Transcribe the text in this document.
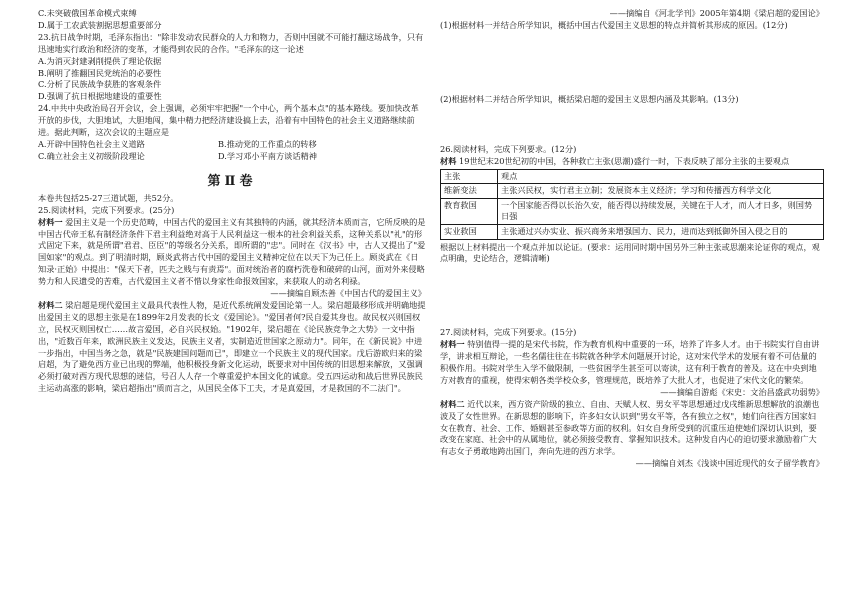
C.未突破俄国革命模式束缚

D.属于工农武装割据思想重要部分

23.抗日战争时期，毛泽东指出："除非发动农民群众的人力和物力，否则中国就不可能打翻这场战争，只有迅速地实行政治和经济的变革，才能得到农民的合作。"毛泽东的这一论述

A.为消灭封建剥削提供了理论依据

B.阐明了推翻国民党统治的必要性

C.分析了民族战争获胜的客观条件

D.强调了抗日根据地建设的重要性

24.中共中央政治局召开会议，会上强调，必须牢牢把握"一个中心，两个基本点"的基本路线。要加快改革开放的步伐，大胆地试，大胆地闯，集中精力把经济建设搞上去，沿着有中国特色的社会主义道路继续前进。据此判断，这次会议的主题应是

A.开辟中国特色社会主义道路	B.推动党的工作重点的转移
C.确立社会主义初级阶段理论	D.学习邓小平南方谈话精神
第Ⅱ卷

本卷共包括25-27三道试题，共52分。

25.阅读材料，完成下列要求。(25分)

材料一 爱国主义是一个历史范畴，中国古代的爱国主义有其独特的内涵，就其经济本质而言，它所反映的是中国古代帝王私有制经济条件下君主利益绝对高于人民利益这一根本的社会利益关系，这种关系以"礼"的形式固定下来，就是所谓"君君、臣臣"的等级名分关系，即所谓的"忠"。同时在《汉书》中，古人又提出了"爱国如家"的观点。到了明清时期，顾炎武将古代中国的爱国主义精神定位在以天下为己任上。顾炎武在《日知录·正始》中提出："保天下者，匹夫之贱与有责焉"。面对统治者的腐朽洗卷和破碎的山河，面对外来侵略势力和人民遗受的苦难，古代爱国主义者不惜以身家性命报效国家，来获取人的动名利禄。

——摘编自顾杰善《中国古代的爱国主义》

材料二 梁启超是现代爱国主义最具代表性人物，是近代系统阐发爱国论第一人。梁启超最移形成并明确地提出爱国主义的思想主张是在1899年2月发表的长文《爱国论》。"爱国者何?民自爱其身也。故民权兴则国权立，民权灭则国权亡……故言爱国，必自兴民权始。"1902年，梁启超在《论民族竞争之大势》一文中指出，"近数百年来，欧洲民族主义发达，民族主义者，实制造近世国家之原动力"。同年，在《新民说》中进一步指出，中国当务之急，就是"民族建国问题而已"，即建立一个民族主义的现代国家。戊后游欧归来的梁启超，为了避免西方业已出现的弊端，他积极投身新文化运动，既要求对中国传统的旧思想来解放，又强调必须打破对西方现代思想的迷信，号召人人存一个尊重爱护本国文化的诚意。受五四运动和战后世界民族民主运动高涨的影响，梁启超指出"质而言之，从国民全体下工夫，才是真爱国，才是救国的不二法门"。

——摘编自《河北学刊》2005年第4期《梁启超的爱国论》

(1)根据材料一并结合所学知识，概括中国古代爱国主义思想的特点并简析其形成的原因。(12分)

(2)根据材料二并结合所学知识，概括梁启超的爱国主义思想内涵及其影响。(13分)

26.阅读材料，完成下列要求。(12分)

材料 19世纪末20世纪初的中国，各种救亡主张(思潮)盛行一时，下表反映了部分主张的主要观点

主张	观点
维新变法	主张兴民权，实行君主立制；发展资本主义经济；学习和传播西方科学文化
教育救国	一个国家能否得以长治久安，能否得以持续发展，关键在于人才，而人才日多，则国势日强
实业救国	主张通过兴办实业、振兴商务来增强国力、民力，进而达到抵御外国入侵之目的

根据以上材料提出一个观点并加以论证。(要求：运用同时期中国另外三种主张或思潮来论证你的观点，观点明确，史论结合，逻辑清晰)

27.阅读材料，完成下列要求。(15分)

材料一 特别值得一提的是宋代书院，作为教育机构中重要的一环，培养了许多人才。由于书院实行自由讲学，讲求相互辩论，一些名儒往往在书院就各种学术问题展开讨论，这对宋代学术的发展有着不可估量的积极作用。书院对学生入学不做限制，一些贫困学生甚至可以寄读，这有利于教育的普及。这在中央到地方对教育的重视，使得宋朝各类学校众多，管理规范，既培养了大批人才，也促进了宋代文化的繁荣。

——摘编自游彪《宋史：文治昌盛武功弱势》

材料二 近代以来，西方资产阶级的独立、自由、天赋人权、男女平等思想通过戊戌维新思想解放的浪潮也波及了女性世界。在新思想的影响下，许多妇女认识到"男女平等，各有独立之权"，她们向往西方国家妇女在教育、社会、工作、婚姻甚至参政等方面的权利。妇女自身所受到的沉重压迫使她们深切认识到，要改变在家庭、社会中的从属地位，就必须接受教育、掌握知识技术。这种发自内心的迫切要求激励着广大有志女子勇敢地跨出国门，奔向先进的西方求学。

——摘编自刘杰《浅谈中国近现代的女子留学教育》
